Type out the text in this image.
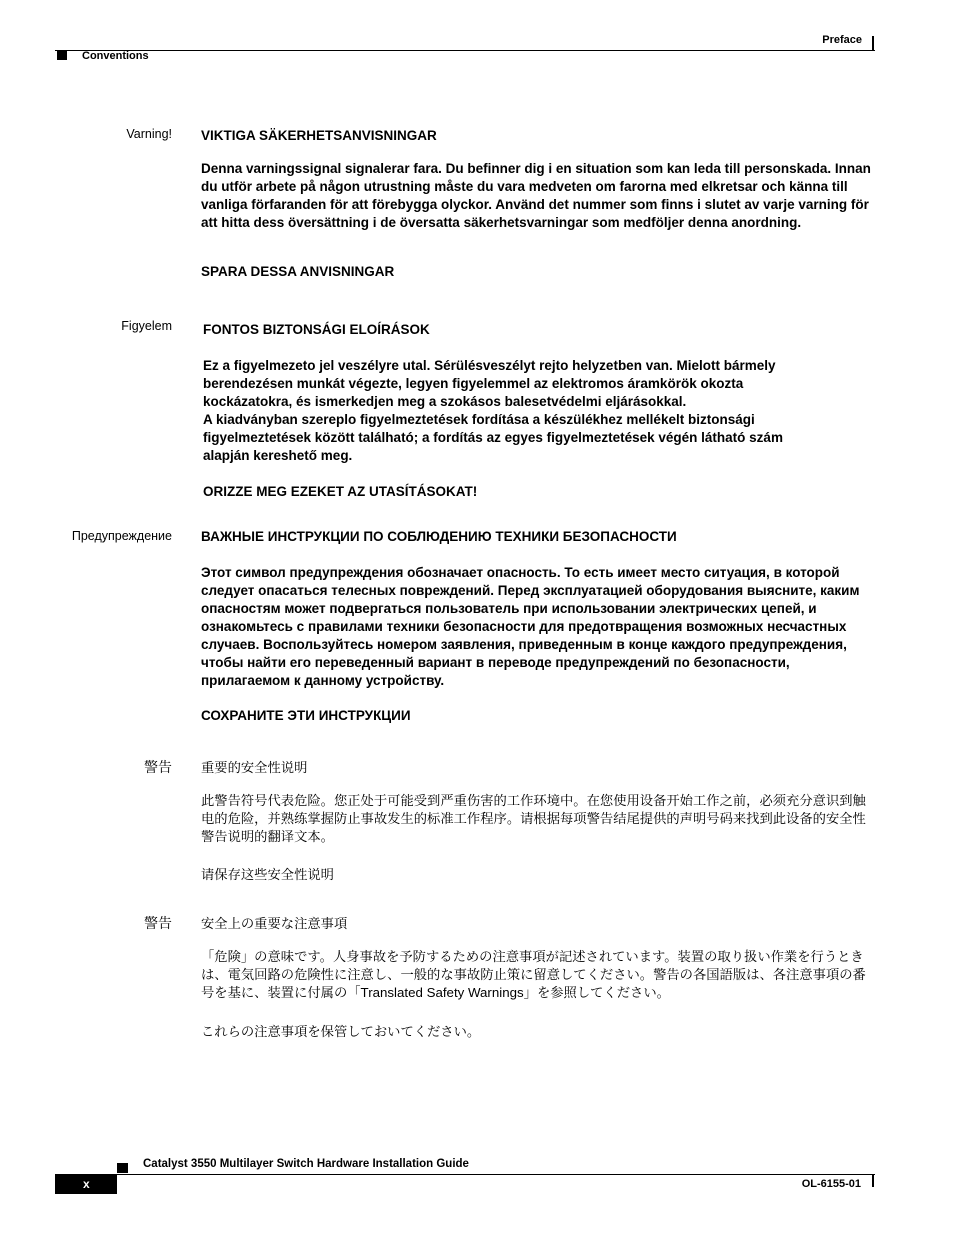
Preface
Conventions
Varning! VIKTIGA SÄKERHETSANVISNINGAR
Denna varningssignal signalerar fara. Du befinner dig i en situation som kan leda till personskada. Innan du utför arbete på någon utrustning måste du vara medveten om farorna med elkretsar och känna till vanliga förfaranden för att förebygga olyckor. Använd det nummer som finns i slutet av varje varning för att hitta dess översättning i de översatta säkerhetsvarningar som medföljer denna anordning.
SPARA DESSA ANVISNINGAR
Figyelem FONTOS BIZTONSÁGI ELOÍRÁSOK
Ez a figyelmezeto jel veszélyre utal. Sérülésveszélyt rejto helyzetben van. Mielott bármely berendezésen munkát végezte, legyen figyelemmel az elektromos áramkörök okozta kockázatokra, és ismerkedjen meg a szokásos balesetvédelmi eljárásokkal.
A kiadványban szereplo figyelmeztetések fordítása a készülékhez mellékelt biztonsági figyelmeztetések között található; a fordítás az egyes figyelmeztetések végén látható szám alapján kereshető meg.
ORIZZE MEG EZEKET AZ UTASÍTÁSOKAT!
Предупреждение ВАЖНЫЕ ИНСТРУКЦИИ ПО СОБЛЮДЕНИЮ ТЕХНИКИ БЕЗОПАСНОСТИ
Этот символ предупреждения обозначает опасность. То есть имеет место ситуация, в которой следует опасаться телесных повреждений. Перед эксплуатацией оборудования выясните, каким опасностям может подвергаться пользователь при использовании электрических цепей, и ознакомьтесь с правилами техники безопасности для предотвращения возможных несчастных случаев. Воспользуйтесь номером заявления, приведенным в конце каждого предупреждения, чтобы найти его переведенный вариант в переводе предупреждений по безопасности, прилагаемом к данному устройству.
СОХРАНИТЕ ЭТИ ИНСТРУКЦИИ
警告 重要的安全性说明
此警告符号代表危险。您正处于可能受到严重伤害的工作环境中。在您使用设备开始工作之前，必须充分意识到触电的危险，并熟练掌握防止事故发生的标准工作程序。请根据每项警告结尾提供的声明号码来找到此设备的安全性警告说明的翻译文本。
请保存这些安全性说明
警告 安全上の重要な注意事項
「危険」の意味です。人身事故を予防するための注意事項が記述されています。装置の取り扱い作業を行うときは、電気回路の危険性に注意し、一般的な事故防止策に留意してください。警告の各国語版は、各注意事項の番号を基に、装置に付属の「Translated Safety Warnings」を参照してください。
これらの注意事項を保管しておいてください。
Catalyst 3550 Multilayer Switch Hardware Installation Guide
x	OL-6155-01
